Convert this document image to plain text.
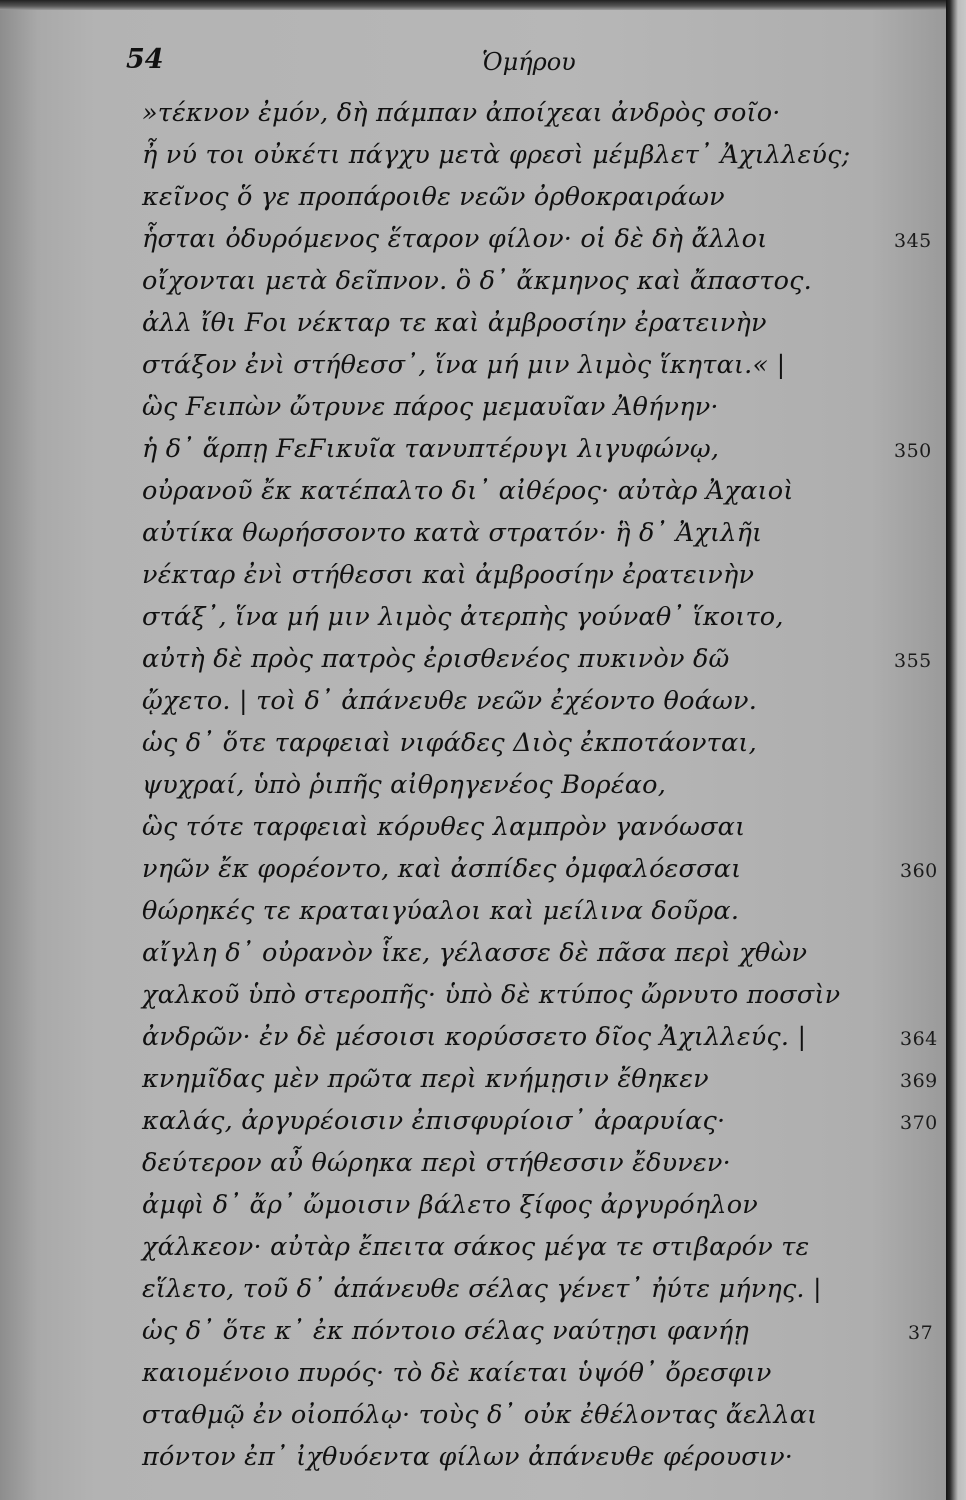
54	Ὁμήρου
»τέκνον ἐμόν, δὴ πάμπαν ἀποίχεαι ἀνδρὸς σοῖο·
ἦ νύ τοι οὐκέτι πάγχυ μετὰ φρεσὶ μέμβλετ᾽ Ἀχιλλεύς;
κεῖνος ὅ γε προπάροιθε νεῶν ὀρθοκραιράων
ἧσται ὀδυρόμενος ἕταρον φίλον· οἱ δὲ δὴ ἄλλοι
οἴχονται μετὰ δεῖπνον. ὃ δ᾽ ἄκμηνος καὶ ἄπαστος.
ἀλλ ἴθι Ϝοι νέκταρ τε καὶ ἀμβροσίην ἐρατεινὴν
στάξον ἐνὶ στήθεσσ᾽, ἵνα μή μιν λιμὸς ἵκηται.« |
ὣς Ϝειπὼν ὤτρυνε πάρος μεμαυῖαν Ἀθήνην·
ἡ δ᾽ ἅρπῃ ϜεϜικυῖα τανυπτέρυγι λιγυφώνῳ,
οὐρανοῦ ἔκ κατέπαλτο δι᾽ αἰθέρος· αὐτὰρ Ἀχαιοὶ
αὐτίκα θωρήσσοντο κατὰ στρατόν· ἣ δ᾽ Ἀχιλῆι
νέκταρ ἐνὶ στήθεσσι καὶ ἀμβροσίην ἐρατεινὴν
στάξ᾽, ἵνα μή μιν λιμὸς ἀτερπὴς γούναθ᾽ ἵκοιτο,
αὐτὴ δὲ πρὸς πατρὸς ἐρισθενέος πυκινὸν δῶ
ᾤχετο. | τοὶ δ᾽ ἀπάνευθε νεῶν ἐχέοντο θοάων.
ὡς δ᾽ ὅτε ταρφειαὶ νιφάδες Διὸς ἐκποτάονται,
ψυχραί, ὑπὸ ῥιπῆς αἰθρηγενέος Βορέαο,
ὣς τότε ταρφειαὶ κόρυθες λαμπρὸν γανόωσαι
νηῶν ἔκ φορέοντο, καὶ ἀσπίδες ὀμφαλόεσσαι
θώρηκές τε κραταιγύαλοι καὶ μείλινα δοῦρα.
αἴγλη δ᾽ οὐρανὸν ἷκε, γέλασσε δὲ πᾶσα περὶ χθὼν
χαλκοῦ ὑπὸ στεροπῆς· ὑπὸ δὲ κτύπος ὤρνυτο ποσσὶν
ἀνδρῶν· ἐν δὲ μέσοισι κορύσσετο δῖος Ἀχιλλεύς. |
κνημῖδας μὲν πρῶτα περὶ κνήμῃσιν ἔθηκεν
καλάς, ἀργυρέοισιν ἐπισφυρίοισ᾽ ἀραρυίας·
δεύτερον αὖ θώρηκα περὶ στήθεσσιν ἔδυνεν·
ἀμφὶ δ᾽ ἄρ᾽ ὤμοισιν βάλετο ξίφος ἀργυρόηλον
χάλκεον· αὐτὰρ ἔπειτα σάκος μέγα τε στιβαρόν τε
εἵλετο, τοῦ δ᾽ ἀπάνευθε σέλας γένετ᾽ ἠύτε μήνης. |
ὡς δ᾽ ὅτε κ᾽ ἐκ πόντοιο σέλας ναύτῃσι φανήῃ
καιομένοιο πυρός· τὸ δὲ καίεται ὑψόθ᾽ ὄρεσφιν
σταθμῷ ἐν οἰοπόλῳ· τοὺς δ᾽ οὐκ ἐθέλοντας ἄελλαι
πόντον ἐπ᾽ ἰχθυόεντα φίλων ἀπάνευθε φέρουσιν·
345
350
355
360
364
369
370
37
